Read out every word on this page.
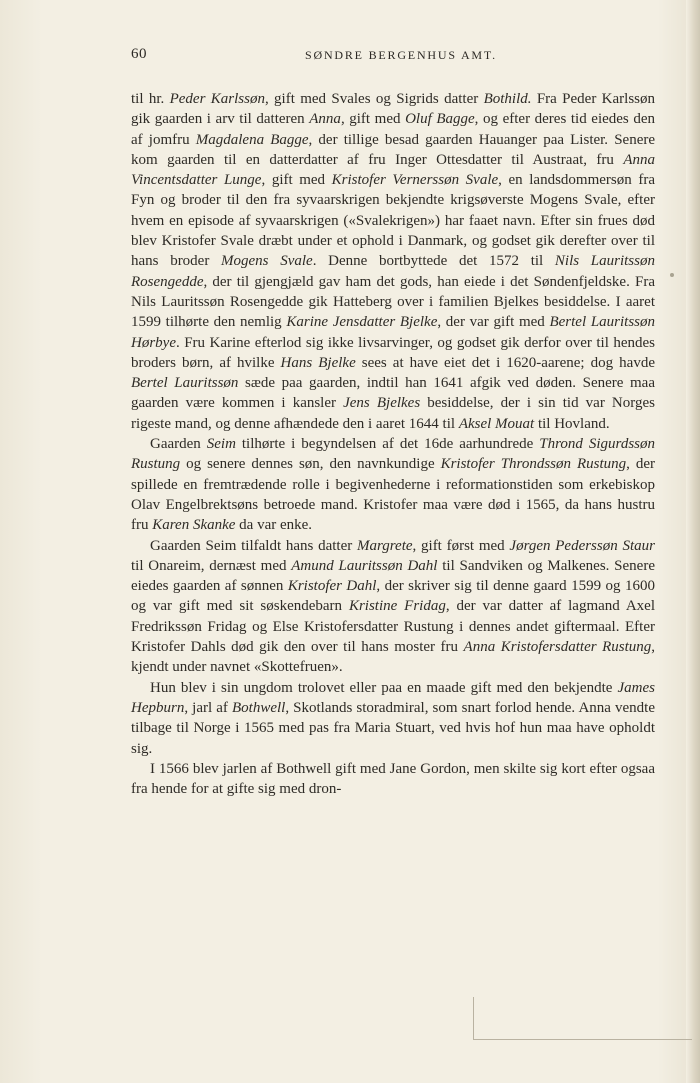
60	SØNDRE BERGENHUS AMT.

til hr. Peder Karlssøn, gift med Svales og Sigrids datter Bothild. Fra Peder Karlssøn gik gaarden i arv til datteren Anna, gift med Oluf Bagge, og efter deres tid eiedes den af jomfru Magdalena Bagge, der tillige besad gaarden Hauanger paa Lister. Senere kom gaarden til en datterdatter af fru Inger Ottesdatter til Austraat, fru Anna Vincentsdatter Lunge, gift med Kristofer Vernerssøn Svale, en landsdommersøn fra Fyn og broder til den fra syvaarskrigen bekjendte krigsøverste Mogens Svale, efter hvem en episode af syvaarskrigen («Svalekrigen») har faaet navn. Efter sin frues død blev Kristofer Svale dræbt under et ophold i Danmark, og godset gik derefter over til hans broder Mogens Svale. Denne bortbyttede det 1572 til Nils Lauritssøn Rosengedde, der til gjengjæld gav ham det gods, han eiede i det Søndenfjeldske. Fra Nils Lauritssøn Rosengedde gik Hatteberg over i familien Bjelkes besiddelse. I aaret 1599 tilhørte den nemlig Karine Jensdatter Bjelke, der var gift med Bertel Lauritssøn Hørbye. Fru Karine efterlod sig ikke livsarvinger, og godset gik derfor over til hendes broders børn, af hvilke Hans Bjelke sees at have eiet det i 1620-aarene; dog havde Bertel Lauritssøn sæde paa gaarden, indtil han 1641 afgik ved døden. Senere maa gaarden være kommen i kansler Jens Bjelkes besiddelse, der i sin tid var Norges rigeste mand, og denne afhændede den i aaret 1644 til Aksel Mouat til Hovland.

Gaarden Seim tilhørte i begyndelsen af det 16de aarhundrede Thrond Sigurdssøn Rustung og senere dennes søn, den navnkundige Kristofer Throndssøn Rustung, der spillede en fremtrædende rolle i begivenhederne i reformationstiden som erkebiskop Olav Engelbrektsøns betroede mand. Kristofer maa være død i 1565, da hans hustru fru Karen Skanke da var enke.

Gaarden Seim tilfaldt hans datter Margrete, gift først med Jørgen Pederssøn Staur til Onareim, dernæst med Amund Lauritssøn Dahl til Sandviken og Malkenes. Senere eiedes gaarden af sønnen Kristofer Dahl, der skriver sig til denne gaard 1599 og 1600 og var gift med sit søskendebarn Kristine Fridag, der var datter af lagmand Axel Fredrikssøn Fridag og Else Kristofersdatter Rustung i dennes andet giftermaal. Efter Kristofer Dahls død gik den over til hans moster fru Anna Kristofersdatter Rustung, kjendt under navnet «Skottefruen».

Hun blev i sin ungdom trolovet eller paa en maade gift med den bekjendte James Hepburn, jarl af Bothwell, Skotlands storadmiral, som snart forlod hende. Anna vendte tilbage til Norge i 1565 med pas fra Maria Stuart, ved hvis hof hun maa have opholdt sig.

I 1566 blev jarlen af Bothwell gift med Jane Gordon, men skilte sig kort efter ogsaa fra hende for at gifte sig med dron-
